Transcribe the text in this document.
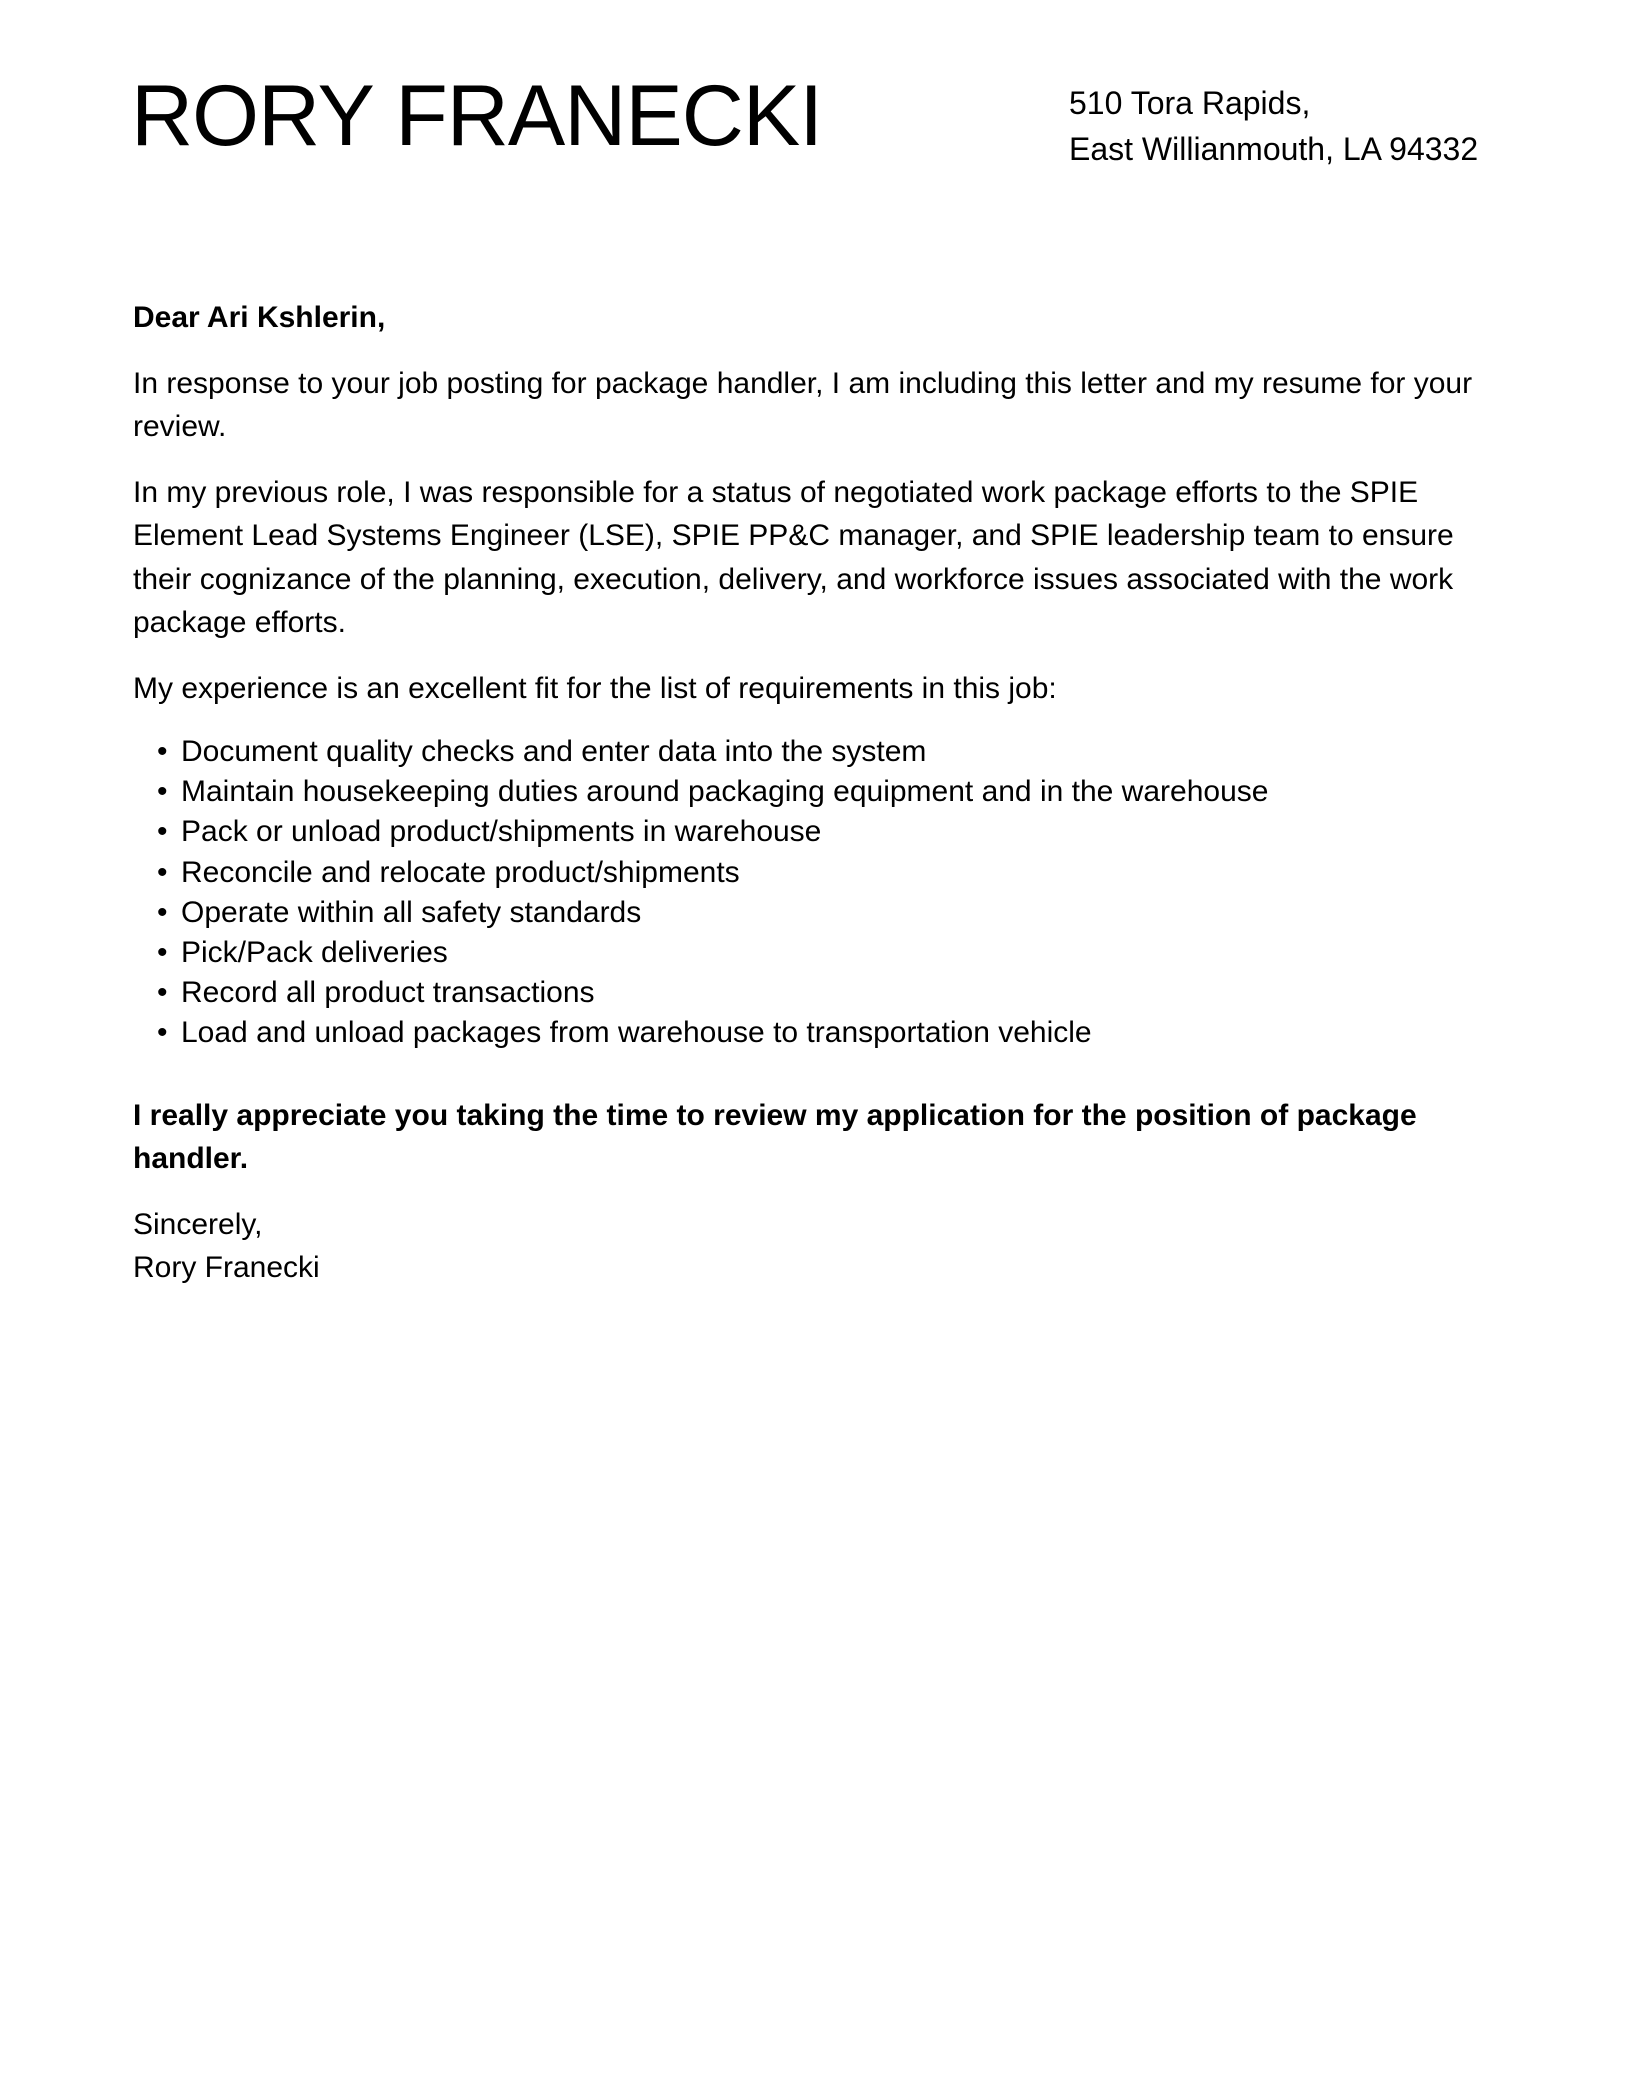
RORY FRANECKI	510 Tora Rapids,
East Willianmouth, LA 94332

Dear Ari Kshlerin,

In response to your job posting for package handler, I am including this letter and my resume for your review.

In my previous role, I was responsible for a status of negotiated work package efforts to the SPIE Element Lead Systems Engineer (LSE), SPIE PP&C manager, and SPIE leadership team to ensure their cognizance of the planning, execution, delivery, and workforce issues associated with the work package efforts.

My experience is an excellent fit for the list of requirements in this job:

• Document quality checks and enter data into the system
• Maintain housekeeping duties around packaging equipment and in the warehouse
• Pack or unload product/shipments in warehouse
• Reconcile and relocate product/shipments
• Operate within all safety standards
• Pick/Pack deliveries
• Record all product transactions
• Load and unload packages from warehouse to transportation vehicle

I really appreciate you taking the time to review my application for the position of package handler.

Sincerely,
Rory Franecki
